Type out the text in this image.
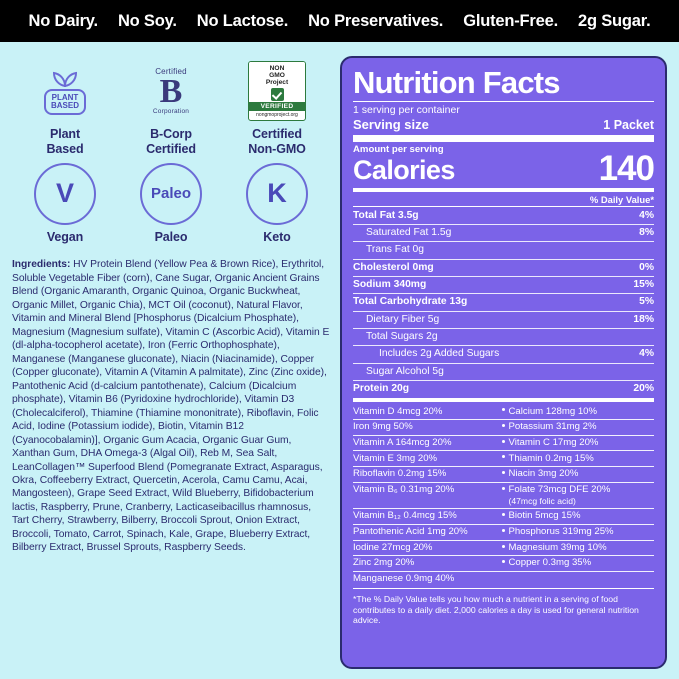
No Dairy. No Soy. No Lactose. No Preservatives. Gluten-Free. 2g Sugar.
PLANT
BASED
Plant
Based
Certified
B
Corporation
B-Corp
Certified
NON
GMO
Project
VERIFIED
nongmoproject.org
Certified
Non-GMO
V
Vegan
Paleo
Paleo
K
Keto
Ingredients: HV Protein Blend (Yellow Pea & Brown Rice), Erythritol, Soluble Vegetable Fiber (corn), Cane Sugar, Organic Ancient Grains Blend (Organic Amaranth, Organic Quinoa, Organic Buckwheat, Organic Millet, Organic Chia), MCT Oil (coconut), Natural Flavor, Vitamin and Mineral Blend [Phosphorus (Dicalcium Phosphate), Magnesium (Magnesium sulfate), Vitamin C (Ascorbic Acid), Vitamin E (dl-alpha-tocopherol acetate), Iron (Ferric Orthophosphate), Manganese (Manganese gluconate), Niacin (Niacinamide), Copper (Copper gluconate), Vitamin A (Vitamin A palmitate), Zinc (Zinc oxide), Pantothenic Acid (d-calcium pantothenate), Calcium (Dicalcium phosphate), Vitamin B6 (Pyridoxine hydrochloride), Vitamin D3 (Cholecalciferol), Thiamine (Thiamine mononitrate), Riboflavin, Folic Acid, Iodine (Potassium iodide), Biotin, Vitamin B12 (Cyanocobalamin)], Organic Gum Acacia, Organic Guar Gum, Xanthan Gum, DHA Omega-3 (Algal Oil), Reb M, Sea Salt, LeanCollagen™ Superfood Blend (Pomegranate Extract, Asparagus, Okra, Coffeeberry Extract, Quercetin, Acerola, Camu Camu, Acai, Mangosteen), Grape Seed Extract, Wild Blueberry, Bifidobacterium lactis, Raspberry, Prune, Cranberry, Lacticaseibacillus rhamnosus, Tart Cherry, Strawberry, Bilberry, Broccoli Sprout, Onion Extract, Broccoli, Tomato, Carrot, Spinach, Kale, Grape, Blueberry Extract, Bilberry Extract, Brussel Sprouts, Raspberry Seeds.
Nutrition Facts
1 serving per container
Serving size	1 Packet
Amount per serving
Calories	140
% Daily Value*
Total Fat 3.5g	4%
Saturated Fat 1.5g	8%
Trans Fat 0g
Cholesterol 0mg	0%
Sodium 340mg	15%
Total Carbohydrate 13g	5%
Dietary Fiber 5g	18%
Total Sugars 2g
Includes 2g Added Sugars	4%
Sugar Alcohol 5g
Protein 20g	20%
Vitamin D 4mcg 20%	Calcium 128mg 10%
Iron 9mg 50%	Potassium 31mg 2%
Vitamin A 164mcg 20%	Vitamin C 17mg 20%
Vitamin E 3mg 20%	Thiamin 0.2mg 15%
Riboflavin 0.2mg 15%	Niacin 3mg 20%
Vitamin B₆ 0.31mg 20%	Folate 73mcg DFE 20%
(47mcg folic acid)
Vitamin B₁₂ 0.4mcg 15%	Biotin 5mcg 15%
Pantothenic Acid 1mg 20%	Phosphorus 319mg 25%
Iodine 27mcg 20%	Magnesium 39mg 10%
Zinc 2mg 20%	Copper 0.3mg 35%
Manganese 0.9mg 40%
*The % Daily Value tells you how much a nutrient in a serving of food contributes to a daily diet. 2,000 calories a day is used for general nutrition advice.
